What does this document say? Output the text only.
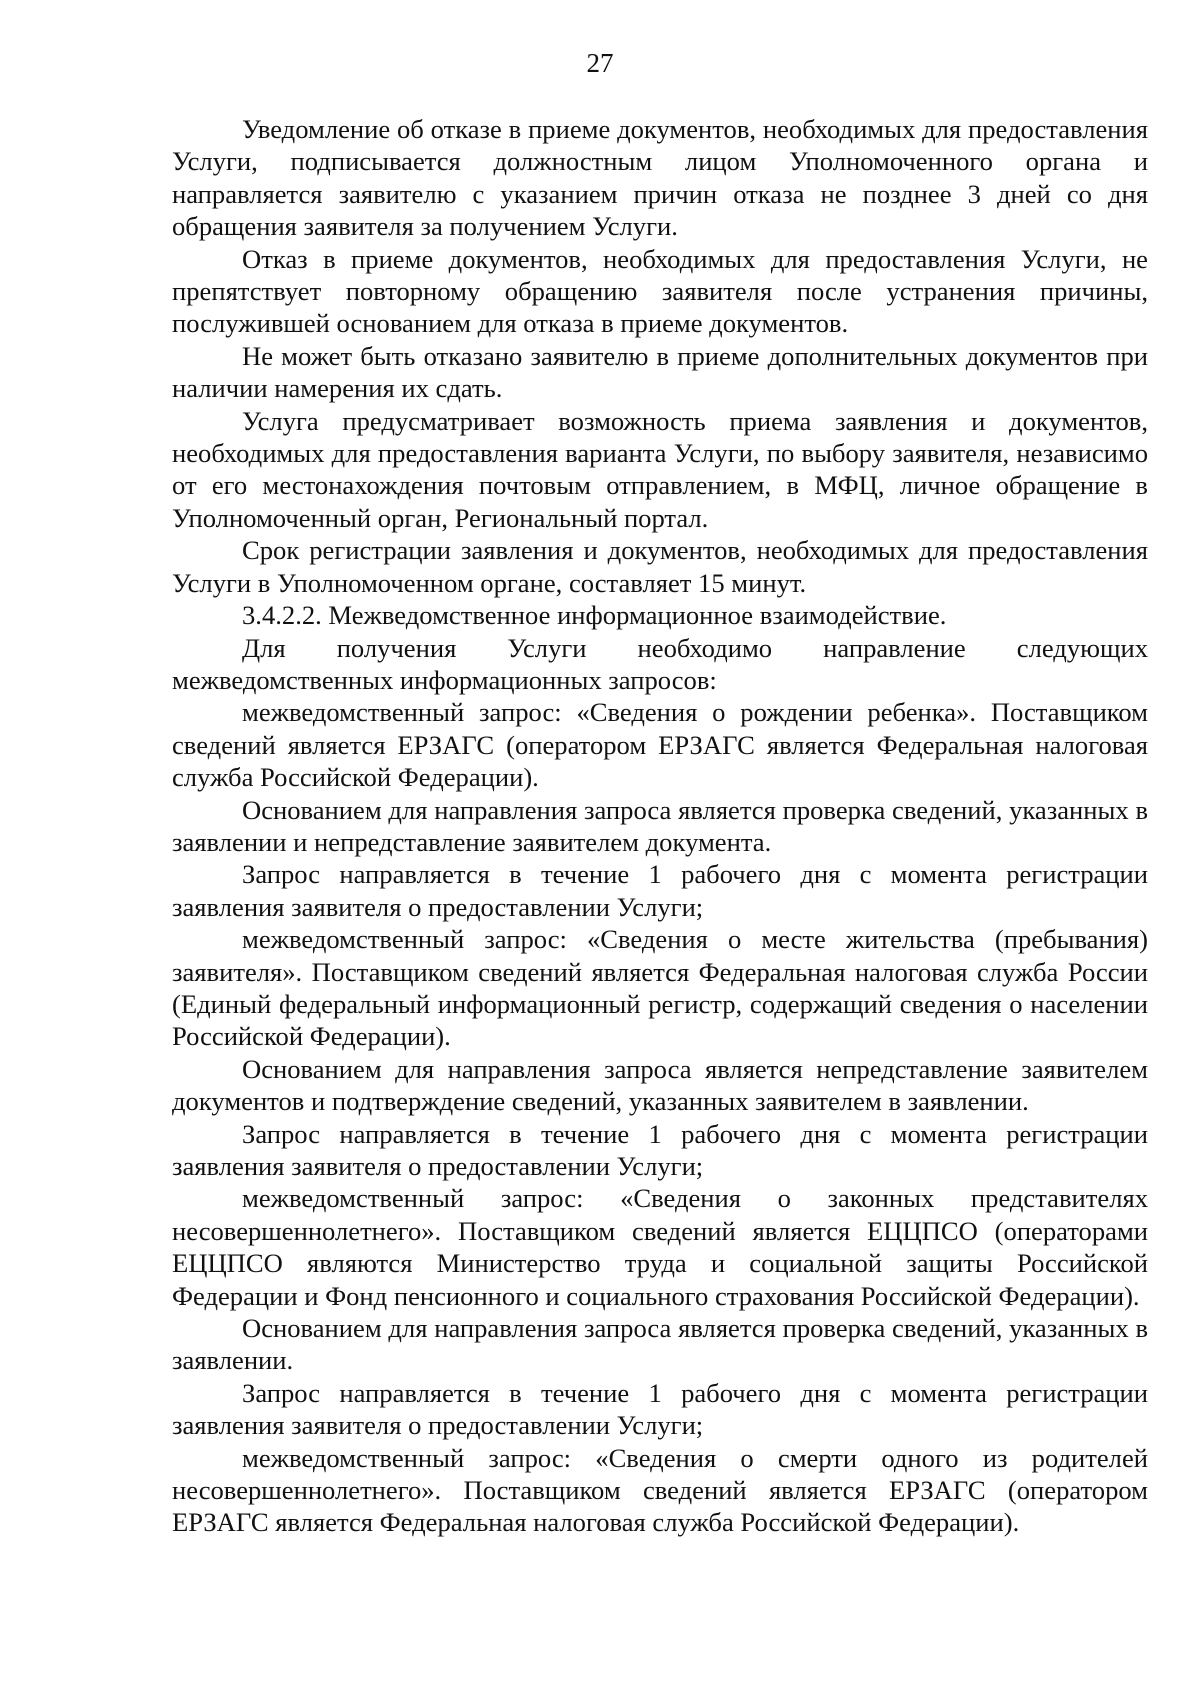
27

Уведомление об отказе в приеме документов, необходимых для предоставления Услуги, подписывается должностным лицом Уполномоченного органа и направляется заявителю с указанием причин отказа не позднее 3 дней со дня обращения заявителя за получением Услуги.

Отказ в приеме документов, необходимых для предоставления Услуги, не препятствует повторному обращению заявителя после устранения причины, послужившей основанием для отказа в приеме документов.

Не может быть отказано заявителю в приеме дополнительных документов при наличии намерения их сдать.

Услуга предусматривает возможность приема заявления и документов, необходимых для предоставления варианта Услуги, по выбору заявителя, независимо от его местонахождения почтовым отправлением, в МФЦ, личное обращение в Уполномоченный орган, Региональный портал.

Срок регистрации заявления и документов, необходимых для предоставления Услуги в Уполномоченном органе, составляет 15 минут.

3.4.2.2. Межведомственное информационное взаимодействие.

Для получения Услуги необходимо направление следующих межведомственных информационных запросов:

межведомственный запрос: «Сведения о рождении ребенка». Поставщиком сведений является ЕРЗАГС (оператором ЕРЗАГС является Федеральная налоговая служба Российской Федерации).

Основанием для направления запроса является проверка сведений, указанных в заявлении и непредставление заявителем документа.

Запрос направляется в течение 1 рабочего дня с момента регистрации заявления заявителя о предоставлении Услуги;

межведомственный запрос: «Сведения о месте жительства (пребывания) заявителя». Поставщиком сведений является Федеральная налоговая служба России (Единый федеральный информационный регистр, содержащий сведения о населении Российской Федерации).

Основанием для направления запроса является непредставление заявителем документов и подтверждение сведений, указанных заявителем в заявлении.

Запрос направляется в течение 1 рабочего дня с момента регистрации заявления заявителя о предоставлении Услуги;

межведомственный запрос: «Сведения о законных представителях несовершеннолетнего». Поставщиком сведений является ЕЦЦПСО (операторами ЕЦЦПСО являются Министерство труда и социальной защиты Российской Федерации и Фонд пенсионного и социального страхования Российской Федерации).

Основанием для направления запроса является проверка сведений, указанных в заявлении.

Запрос направляется в течение 1 рабочего дня с момента регистрации заявления заявителя о предоставлении Услуги;

межведомственный запрос: «Сведения о смерти одного из родителей несовершеннолетнего». Поставщиком сведений является ЕРЗАГС (оператором ЕРЗАГС является Федеральная налоговая служба Российской Федерации).
